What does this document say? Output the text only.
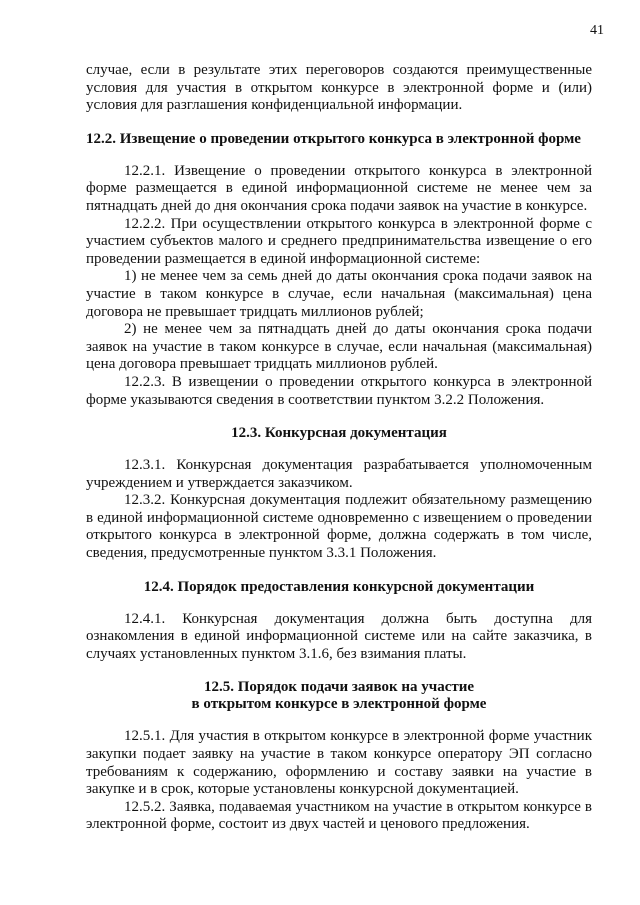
41

случае, если в результате этих переговоров создаются преимущественные условия для участия в открытом конкурсе в электронной форме и (или) условия для разглашения конфиденциальной информации.

12.2. Извещение о проведении открытого конкурса в электронной форме

12.2.1. Извещение о проведении открытого конкурса в электронной форме размещается в единой информационной системе не менее чем за пятнадцать дней до дня окончания срока подачи заявок на участие в конкурсе.

12.2.2. При осуществлении открытого конкурса в электронной форме с участием субъектов малого и среднего предпринимательства извещение о его проведении размещается в единой информационной системе:

1) не менее чем за семь дней до даты окончания срока подачи заявок на участие в таком конкурсе в случае, если начальная (максимальная) цена договора не превышает тридцать миллионов рублей;

2) не менее чем за пятнадцать дней до даты окончания срока подачи заявок на участие в таком конкурсе в случае, если начальная (максимальная) цена договора превышает тридцать миллионов рублей.

12.2.3. В извещении о проведении открытого конкурса в электронной форме указываются сведения в соответствии пунктом 3.2.2 Положения.

12.3. Конкурсная документация

12.3.1. Конкурсная документация разрабатывается уполномоченным учреждением и утверждается заказчиком.

12.3.2. Конкурсная документация подлежит обязательному размещению в единой информационной системе одновременно с извещением о проведении открытого конкурса в электронной форме, должна содержать в том числе, сведения, предусмотренные пунктом 3.3.1 Положения.

12.4. Порядок предоставления конкурсной документации

12.4.1. Конкурсная документация должна быть доступна для ознакомления в единой информационной системе или на сайте заказчика, в случаях установленных пунктом 3.1.6, без взимания платы.

12.5. Порядок подачи заявок на участие
в открытом конкурсе в электронной форме

12.5.1. Для участия в открытом конкурсе в электронной форме участник закупки подает заявку на участие в таком конкурсе оператору ЭП согласно требованиям к содержанию, оформлению и составу заявки на участие в закупке и в срок, которые установлены конкурсной документацией.

12.5.2. Заявка, подаваемая участником на участие в открытом конкурсе в электронной форме, состоит из двух частей и ценового предложения.
